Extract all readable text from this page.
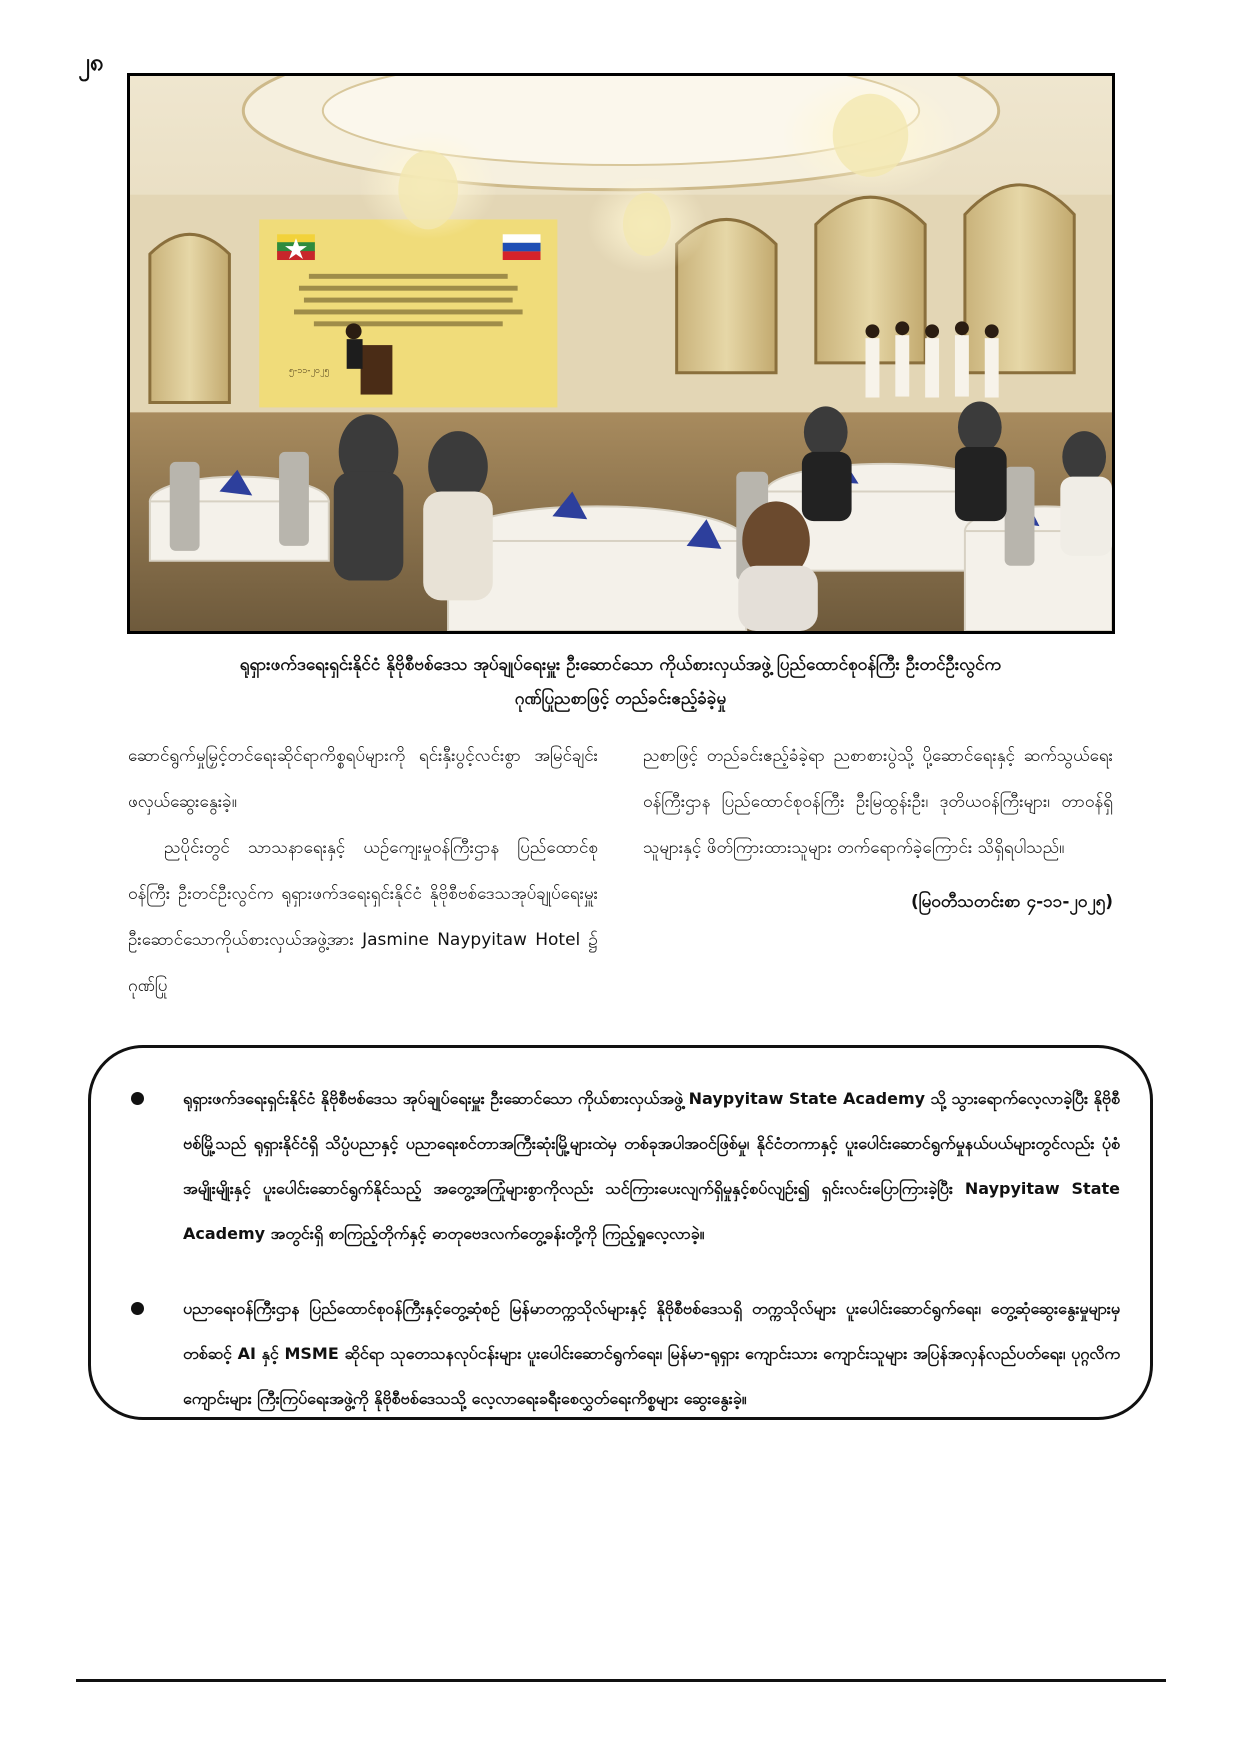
၂၈
၅-၁၁-၂၀၂၅
ရုရှားဖက်ဒရေးရှင်းနိုင်ငံ နိုဗိုစီဗစ်ဒေသ အုပ်ချုပ်ရေးမှူး ဦးဆောင်သော ကိုယ်စားလှယ်အဖွဲ့ ပြည်ထောင်စုဝန်ကြီး ဦးတင်ဦးလွင်က
ဂုဏ်ပြုညစာဖြင့် တည်ခင်းဧည့်ခံခဲ့မှု

ဆောင်ရွက်မှုမြှင့်တင်ရေးဆိုင်ရာကိစ္စရပ်များကို ရင်းနှီးပွင့်လင်းစွာ အမြင်ချင်းဖလှယ်ဆွေးနွေးခဲ့။

ညပိုင်းတွင် သာသနာရေးနှင့် ယဉ်ကျေးမှုဝန်ကြီးဌာန ပြည်ထောင်စုဝန်ကြီး ဦးတင်ဦးလွင်က ရုရှားဖက်ဒရေးရှင်းနိုင်ငံ နိုဗိုစီဗစ်ဒေသအုပ်ချုပ်ရေးမှူး ဦးဆောင်သောကိုယ်စားလှယ်အဖွဲ့အား Jasmine Naypyitaw Hotel ၌ ဂုဏ်ပြု

ညစာဖြင့် တည်ခင်းဧည့်ခံခဲ့ရာ ညစာစားပွဲသို့ ပို့ဆောင်ရေးနှင့် ဆက်သွယ်ရေးဝန်ကြီးဌာန ပြည်ထောင်စုဝန်ကြီး ဦးမြထွန်းဦး၊ ဒုတိယဝန်ကြီးများ၊ တာဝန်ရှိသူများနှင့် ဖိတ်ကြားထားသူများ တက်ရောက်ခဲ့ကြောင်း သိရှိရပါသည်။

(မြဝတီသတင်းစာ ၄-၁၁-၂၀၂၅)

ရုရှားဖက်ဒရေးရှင်းနိုင်ငံ နိုဗိုစီဗစ်ဒေသ အုပ်ချုပ်ရေးမှူး ဦးဆောင်သော ကိုယ်စားလှယ်အဖွဲ့ Naypyitaw State Academy သို့ သွားရောက်လေ့လာခဲ့ပြီး နိုဗိုစီဗစ်မြို့သည် ရုရှားနိုင်ငံရှိ သိပ္ပံပညာနှင့် ပညာရေးစင်တာအကြီးဆုံးမြို့များထဲမှ တစ်ခုအပါအဝင်ဖြစ်မှု၊ နိုင်ငံတကာနှင့် ပူးပေါင်းဆောင်ရွက်မှုနယ်ပယ်များတွင်လည်း ပုံစံအမျိုးမျိုးနှင့် ပူးပေါင်းဆောင်ရွက်နိုင်သည့် အတွေ့အကြုံများစွာကိုလည်း သင်ကြားပေးလျက်ရှိမှုနှင့်စပ်လျဉ်း၍ ရှင်းလင်းပြောကြားခဲ့ပြီး Naypyitaw State Academy အတွင်းရှိ စာကြည့်တိုက်နှင့် ဓာတုဗေဒလက်တွေ့ခန်းတို့ကို ကြည့်ရှုလေ့လာခဲ့။
ပညာရေးဝန်ကြီးဌာန ပြည်ထောင်စုဝန်ကြီးနှင့်တွေ့ဆုံစဉ် မြန်မာတက္ကသိုလ်များနှင့် နိုဗိုစီဗစ်ဒေသရှိ တက္ကသိုလ်များ ပူးပေါင်းဆောင်ရွက်ရေး၊ တွေ့ဆုံဆွေးနွေးမှုများမှတစ်ဆင့် AI နှင့် MSME ဆိုင်ရာ သုတေသနလုပ်ငန်းများ ပူးပေါင်းဆောင်ရွက်ရေး၊ မြန်မာ-ရုရှား ကျောင်းသား ကျောင်းသူများ အပြန်အလှန်လည်ပတ်ရေး၊ ပုဂ္ဂလိကကျောင်းများ ကြီးကြပ်ရေးအဖွဲ့ကို နိုဗိုစီဗစ်ဒေသသို့ လေ့လာရေးခရီးစေလွှတ်ရေးကိစ္စများ ဆွေးနွေးခဲ့။
